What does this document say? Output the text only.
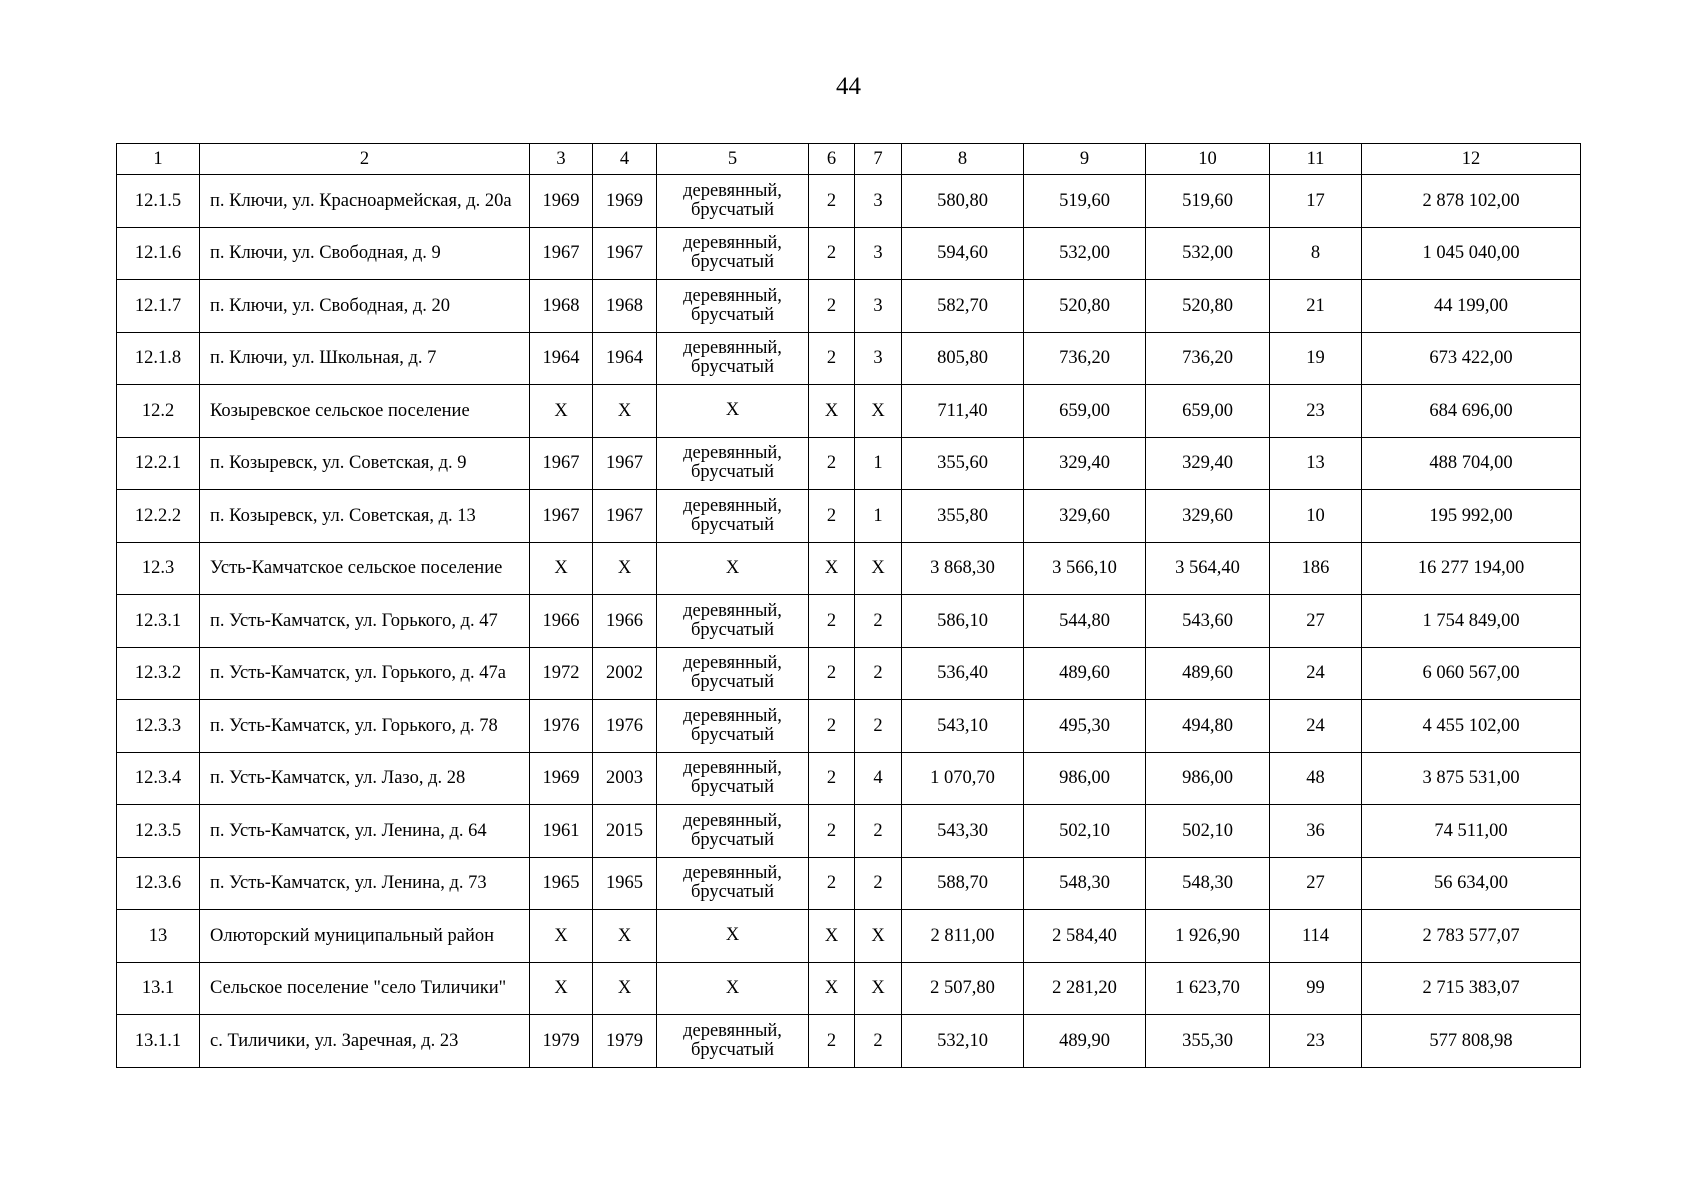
44
1	2	3	4	5	6	7	8	9	10	11	12
12.1.5	п. Ключи, ул. Красноармейская, д. 20а	1969	1969	деревянный, брусчатый	2	3	580,80	519,60	519,60	17	2 878 102,00
12.1.6	п. Ключи, ул. Свободная, д. 9	1967	1967	деревянный, брусчатый	2	3	594,60	532,00	532,00	8	1 045 040,00
12.1.7	п. Ключи, ул. Свободная, д. 20	1968	1968	деревянный, брусчатый	2	3	582,70	520,80	520,80	21	44 199,00
12.1.8	п. Ключи, ул. Школьная, д. 7	1964	1964	деревянный, брусчатый	2	3	805,80	736,20	736,20	19	673 422,00
12.2	Козыревское сельское поселение	X	X	X	X	X	711,40	659,00	659,00	23	684 696,00
12.2.1	п. Козыревск, ул. Советская, д. 9	1967	1967	деревянный, брусчатый	2	1	355,60	329,40	329,40	13	488 704,00
12.2.2	п. Козыревск, ул. Советская, д. 13	1967	1967	деревянный, брусчатый	2	1	355,80	329,60	329,60	10	195 992,00
12.3	Усть-Камчатское сельское поселение	X	X	X	X	X	3 868,30	3 566,10	3 564,40	186	16 277 194,00
12.3.1	п. Усть-Камчатск, ул. Горького, д. 47	1966	1966	деревянный, брусчатый	2	2	586,10	544,80	543,60	27	1 754 849,00
12.3.2	п. Усть-Камчатск, ул. Горького, д. 47а	1972	2002	деревянный, брусчатый	2	2	536,40	489,60	489,60	24	6 060 567,00
12.3.3	п. Усть-Камчатск, ул. Горького, д. 78	1976	1976	деревянный, брусчатый	2	2	543,10	495,30	494,80	24	4 455 102,00
12.3.4	п. Усть-Камчатск, ул. Лазо, д. 28	1969	2003	деревянный, брусчатый	2	4	1 070,70	986,00	986,00	48	3 875 531,00
12.3.5	п. Усть-Камчатск, ул. Ленина, д. 64	1961	2015	деревянный, брусчатый	2	2	543,30	502,10	502,10	36	74 511,00
12.3.6	п. Усть-Камчатск, ул. Ленина, д. 73	1965	1965	деревянный, брусчатый	2	2	588,70	548,30	548,30	27	56 634,00
13	Олюторский муниципальный район	X	X	X	X	X	2 811,00	2 584,40	1 926,90	114	2 783 577,07
13.1	Сельское поселение "село Тиличики"	X	X	X	X	X	2 507,80	2 281,20	1 623,70	99	2 715 383,07
13.1.1	с. Тиличики, ул. Заречная, д. 23	1979	1979	деревянный, брусчатый	2	2	532,10	489,90	355,30	23	577 808,98
